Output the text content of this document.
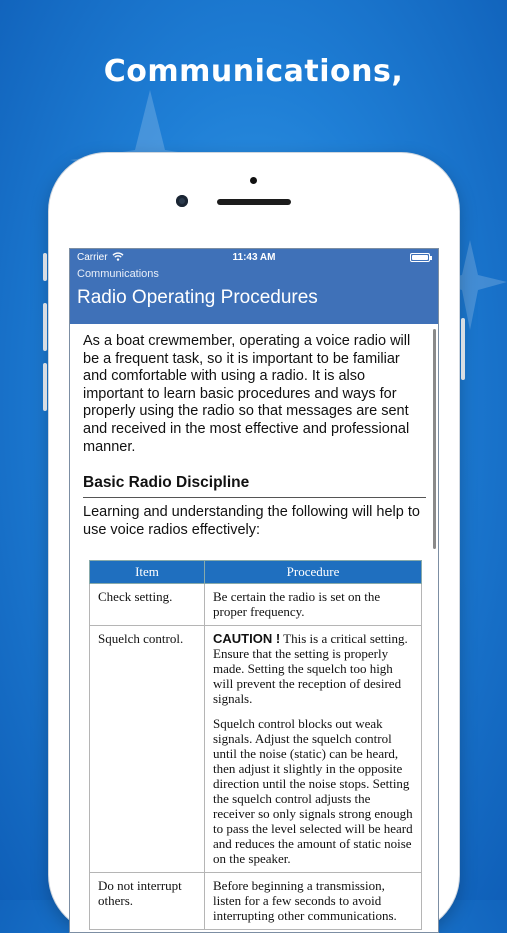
Communications,
Carrier	11:43 AM
Communications
Radio Operating Procedures

As a boat crewmember, operating a voice radio will be a frequent task, so it is important to be familiar and comfortable with using a radio. It is also important to learn basic procedures and ways for properly using the radio so that messages are sent and received in the most effective and professional manner.

Basic Radio Discipline

Learning and understanding the following will help to use voice radios effectively:

Item	Procedure
Check setting.	Be certain the radio is set on the proper frequency.
Squelch control.	CAUTION ! This is a critical setting. Ensure that the setting is properly made. Setting the squelch too high will prevent the reception of desired signals.

Squelch control blocks out weak signals. Adjust the squelch control until the noise (static) can be heard, then adjust it slightly in the opposite direction until the noise stops. Setting the squelch control adjusts the receiver so only signals strong enough to pass the level selected will be heard and reduces the amount of static noise on the speaker.

Do not interrupt others.	Before beginning a transmission, listen for a few seconds to avoid interrupting other communications.
